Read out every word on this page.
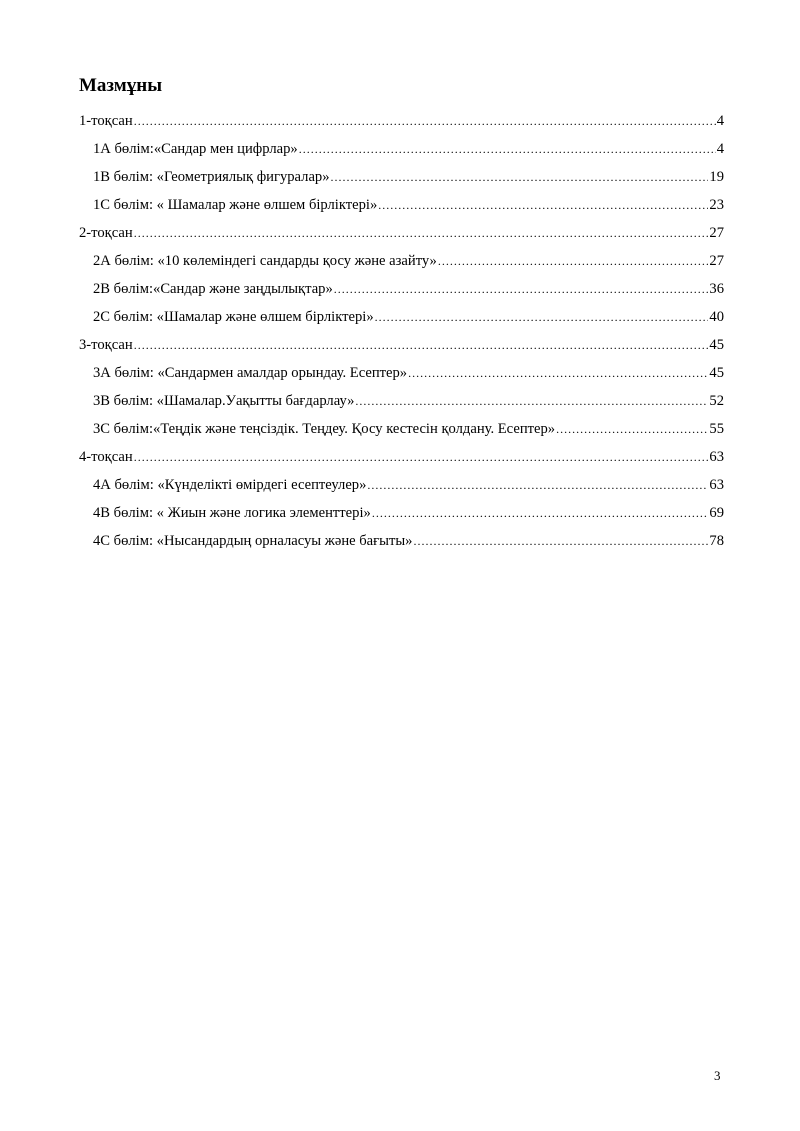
Мазмұны
1-тоқсан .....	4
1А бөлім:«Сандар мен цифрлар» .....	4
1В бөлім: «Геометриялық фигуралар» .....	19
1С бөлім: « Шамалар және өлшем бірліктері» .....	23
2-тоқсан .....	27
2А бөлім: «10 көлеміндегі сандарды қосу және азайту» .....	27
2В бөлім:«Сандар және заңдылықтар» .....	36
2С бөлім: «Шамалар және өлшем бірліктері» .....	40
3-тоқсан .....	45
3А бөлім: «Сандармен амалдар орындау. Есептер» .....	45
3В бөлім: «Шамалар.Уақытты бағдарлау» .....	52
3С бөлім:«Теңдік және теңсіздік. Теңдеу. Қосу кестесін қолдану. Есептер» .....	55
4-тоқсан .....	63
4А бөлім: «Күнделікті өмірдегі есептеулер» .....	63
4В бөлім: « Жиын және логика элементтері» .....	69
4С бөлім: «Нысандардың орналасуы және бағыты» .....	78
3
